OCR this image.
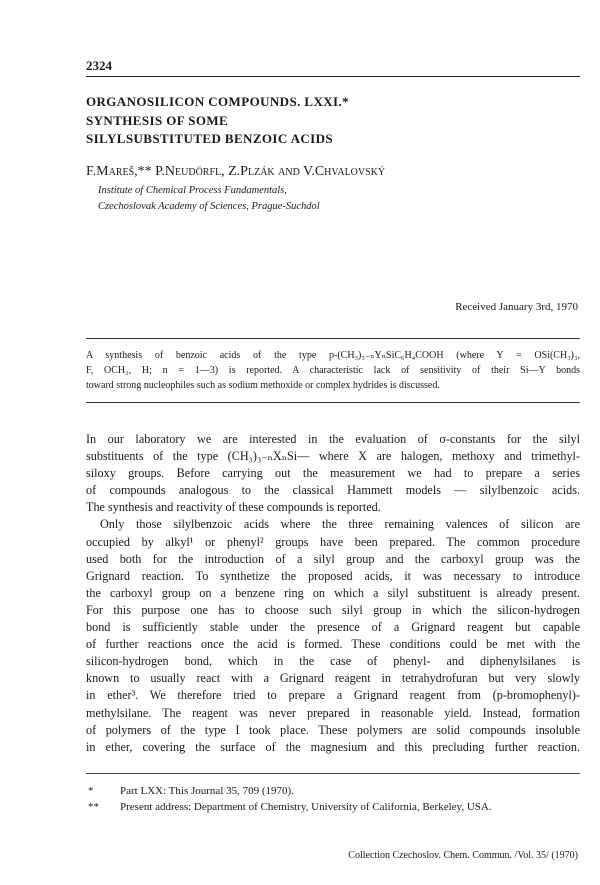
2324
ORGANOSILICON COMPOUNDS. LXXI.*
SYNTHESIS OF SOME
SILYLSUBSTITUTED BENZOIC ACIDS
F.Mareš,** P.Neudörfl, Z.Plzák and V.Chvalovský
Institute of Chemical Process Fundamentals,
Czechoslovak Academy of Sciences, Prague-Suchdol
Received January 3rd, 1970
A synthesis of benzoic acids of the type p-(CH₃)₃₋ₙYₙSiC₆H₄COOH (where Y = OSi(CH₃)₃,
F, OCH₃, H; n = 1—3) is reported. A characteristic lack of sensitivity of their Si—Y bonds
toward strong nucleophiles such as sodium methoxide or complex hydrides is discussed.
In our laboratory we are interested in the evaluation of σ-constants for the silyl
substituents of the type (CH₃)₃₋ₙXₙSi— where X are halogen, methoxy and trimethyl-
siloxy groups. Before carrying out the measurement we had to prepare a series
of compounds analogous to the classical Hammett models — silylbenzoic acids.
The synthesis and reactivity of these compounds is reported.
Only those silylbenzoic acids where the three remaining valences of silicon are
occupied by alkyl¹ or phenyl² groups have been prepared. The common procedure
used both for the introduction of a silyl group and the carboxyl group was the
Grignard reaction. To synthetize the proposed acids, it was necessary to introduce
the carboxyl group on a benzene ring on which a silyl substituent is already present.
For this purpose one has to choose such silyl group in which the silicon-hydrogen
bond is sufficiently stable under the presence of a Grignard reagent but capable
of further reactions once the acid is formed. These conditions could be met with the
silicon-hydrogen bond, which in the case of phenyl- and diphenylsilanes is
known to usually react with a Grignard reagent in tetrahydrofuran but very slowly
in ether³. We therefore tried to prepare a Grignard reagent from (p-bromophenyl)-
methylsilane. The reagent was never prepared in reasonable yield. Instead, formation
of polymers of the type I took place. These polymers are solid compounds insoluble
in ether, covering the surface of the magnesium and this precluding further reaction.
*	Part LXX: This Journal 35, 709 (1970).
**	Present address: Department of Chemistry, University of California, Berkeley, USA.
Collection Czechoslov. Chem. Commun. /Vol. 35/ (1970)
